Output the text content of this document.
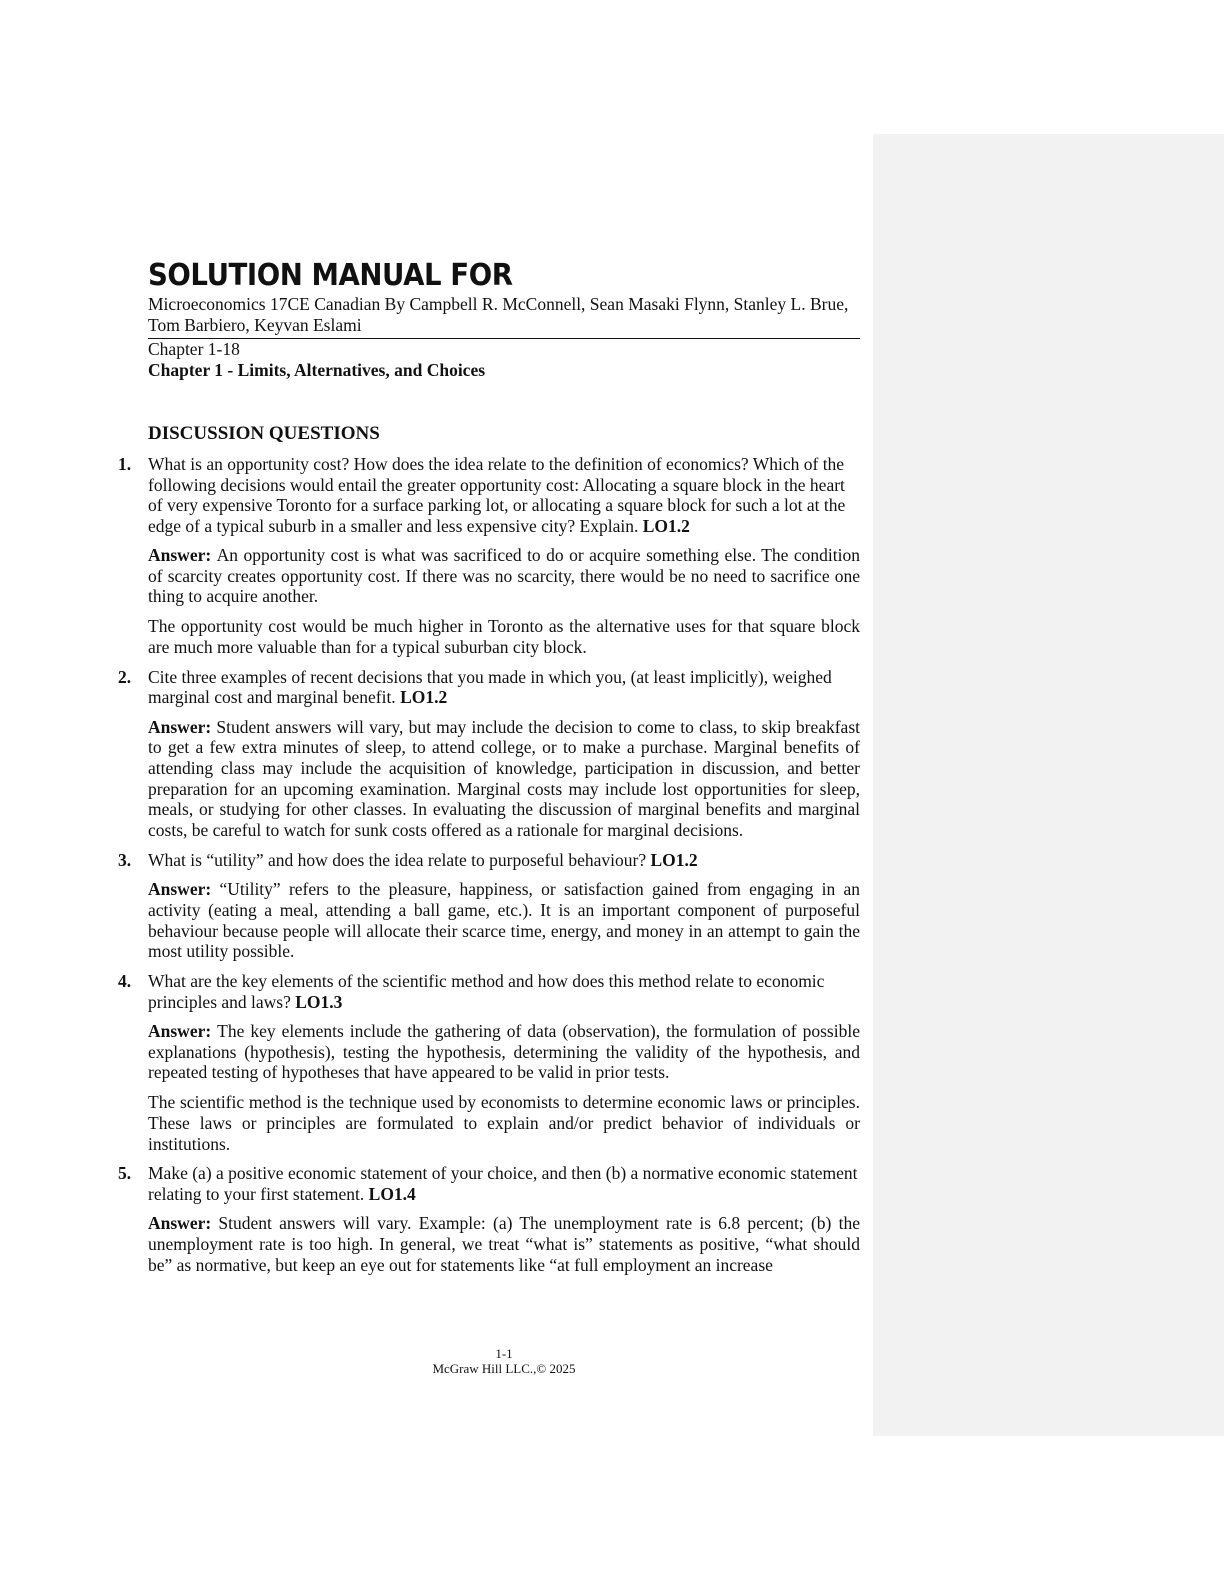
SOLUTION MANUAL FOR

Microeconomics 17CE Canadian By Campbell R. McConnell, Sean Masaki Flynn, Stanley L. Brue, Tom Barbiero, Keyvan Eslami

Chapter 1-18

Chapter 1 - Limits, Alternatives, and Choices

DISCUSSION QUESTIONS
1. What is an opportunity cost? How does the idea relate to the definition of economics? Which of the following decisions would entail the greater opportunity cost: Allocating a square block in the heart of very expensive Toronto for a surface parking lot, or allocating a square block for such a lot at the edge of a typical suburb in a smaller and less expensive city? Explain. LO1.2

Answer: An opportunity cost is what was sacrificed to do or acquire something else. The condition of scarcity creates opportunity cost. If there was no scarcity, there would be no need to sacrifice one thing to acquire another.

The opportunity cost would be much higher in Toronto as the alternative uses for that square block are much more valuable than for a typical suburban city block.

2. Cite three examples of recent decisions that you made in which you, (at least implicitly), weighed marginal cost and marginal benefit. LO1.2

Answer: Student answers will vary, but may include the decision to come to class, to skip breakfast to get a few extra minutes of sleep, to attend college, or to make a purchase. Marginal benefits of attending class may include the acquisition of knowledge, participation in discussion, and better preparation for an upcoming examination. Marginal costs may include lost opportunities for sleep, meals, or studying for other classes. In evaluating the discussion of marginal benefits and marginal costs, be careful to watch for sunk costs offered as a rationale for marginal decisions.

3. What is “utility” and how does the idea relate to purposeful behaviour? LO1.2

Answer: “Utility” refers to the pleasure, happiness, or satisfaction gained from engaging in an activity (eating a meal, attending a ball game, etc.). It is an important component of purposeful behaviour because people will allocate their scarce time, energy, and money in an attempt to gain the most utility possible.

4. What are the key elements of the scientific method and how does this method relate to economic principles and laws? LO1.3

Answer: The key elements include the gathering of data (observation), the formulation of possible explanations (hypothesis), testing the hypothesis, determining the validity of the hypothesis, and repeated testing of hypotheses that have appeared to be valid in prior tests.

The scientific method is the technique used by economists to determine economic laws or principles. These laws or principles are formulated to explain and/or predict behavior of individuals or institutions.

5. Make (a) a positive economic statement of your choice, and then (b) a normative economic statement relating to your first statement. LO1.4

Answer: Student answers will vary. Example: (a) The unemployment rate is 6.8 percent; (b) the unemployment rate is too high. In general, we treat “what is” statements as positive, “what should be” as normative, but keep an eye out for statements like “at full employment an increase

1-1
McGraw Hill LLC.,© 2025
